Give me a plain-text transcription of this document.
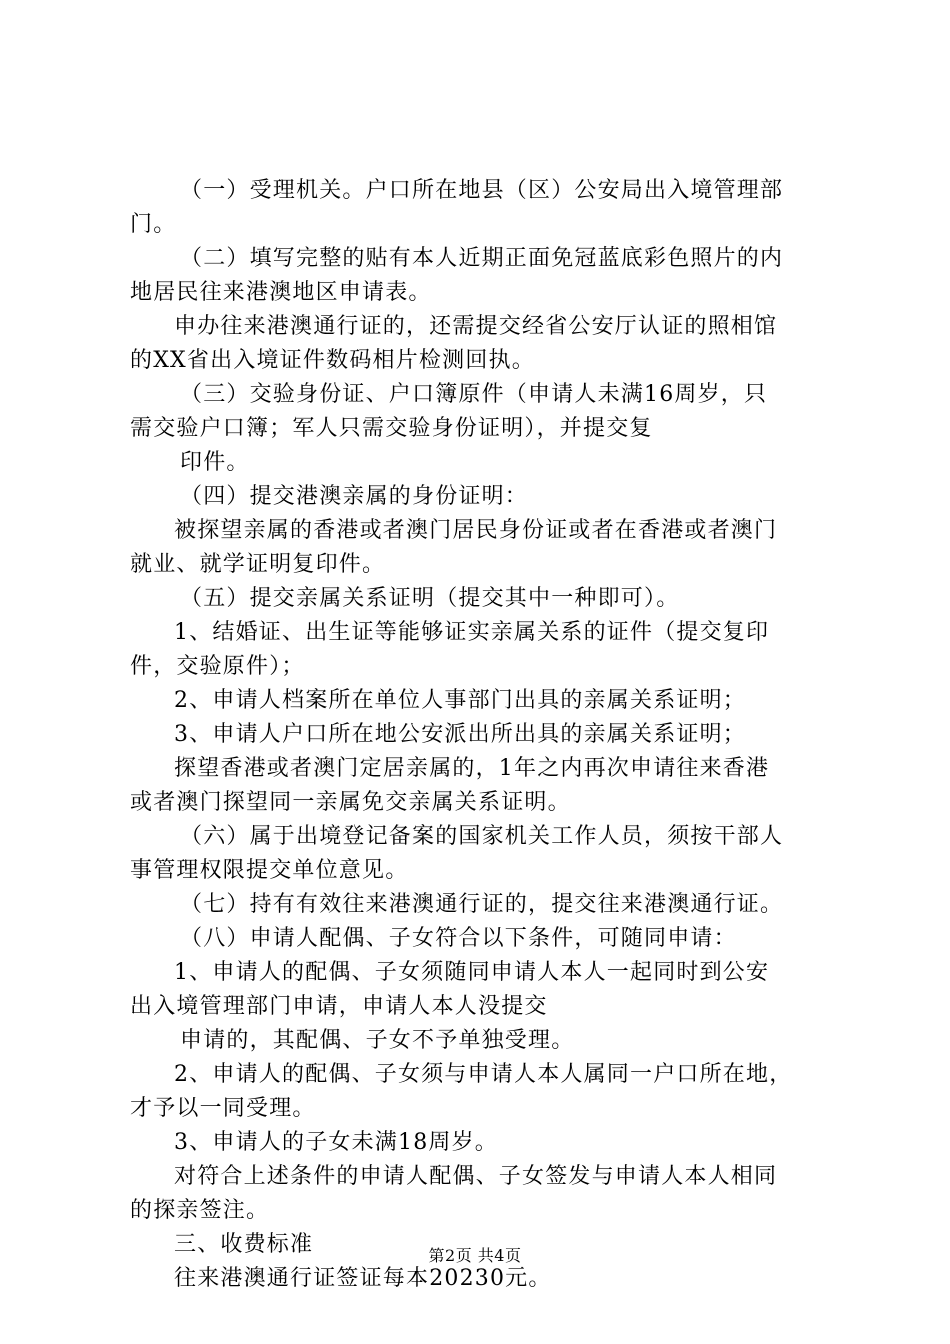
（一）受理机关。户口所在地县（区）公安局出入境管理部
门。
（二）填写完整的贴有本人近期正面免冠蓝底彩色照片的内
地居民往来港澳地区申请表。
申办往来港澳通行证的，还需提交经省公安厅认证的照相馆
的XX省出入境证件数码相片检测回执。
（三）交验身份证、户口簿原件（申请人未满16周岁，只
需交验户口簿；军人只需交验身份证明），并提交复
印件。
（四）提交港澳亲属的身份证明：
被探望亲属的香港或者澳门居民身份证或者在香港或者澳门
就业、就学证明复印件。
（五）提交亲属关系证明（提交其中一种即可）。
1、结婚证、出生证等能够证实亲属关系的证件（提交复印
件，交验原件）；
2、申请人档案所在单位人事部门出具的亲属关系证明；
3、申请人户口所在地公安派出所出具的亲属关系证明；
探望香港或者澳门定居亲属的，1年之内再次申请往来香港
或者澳门探望同一亲属免交亲属关系证明。
（六）属于出境登记备案的国家机关工作人员，须按干部人
事管理权限提交单位意见。
（七）持有有效往来港澳通行证的，提交往来港澳通行证。
（八）申请人配偶、子女符合以下条件，可随同申请：
1、申请人的配偶、子女须随同申请人本人一起同时到公安
出入境管理部门申请，申请人本人没提交
申请的，其配偶、子女不予单独受理。
2、申请人的配偶、子女须与申请人本人属同一户口所在地，
才予以一同受理。
3、申请人的子女未满18周岁。
对符合上述条件的申请人配偶、子女签发与申请人本人相同
的探亲签注。
三、收费标准
往来港澳通行证签证每本20230元。
第2页 共4页
